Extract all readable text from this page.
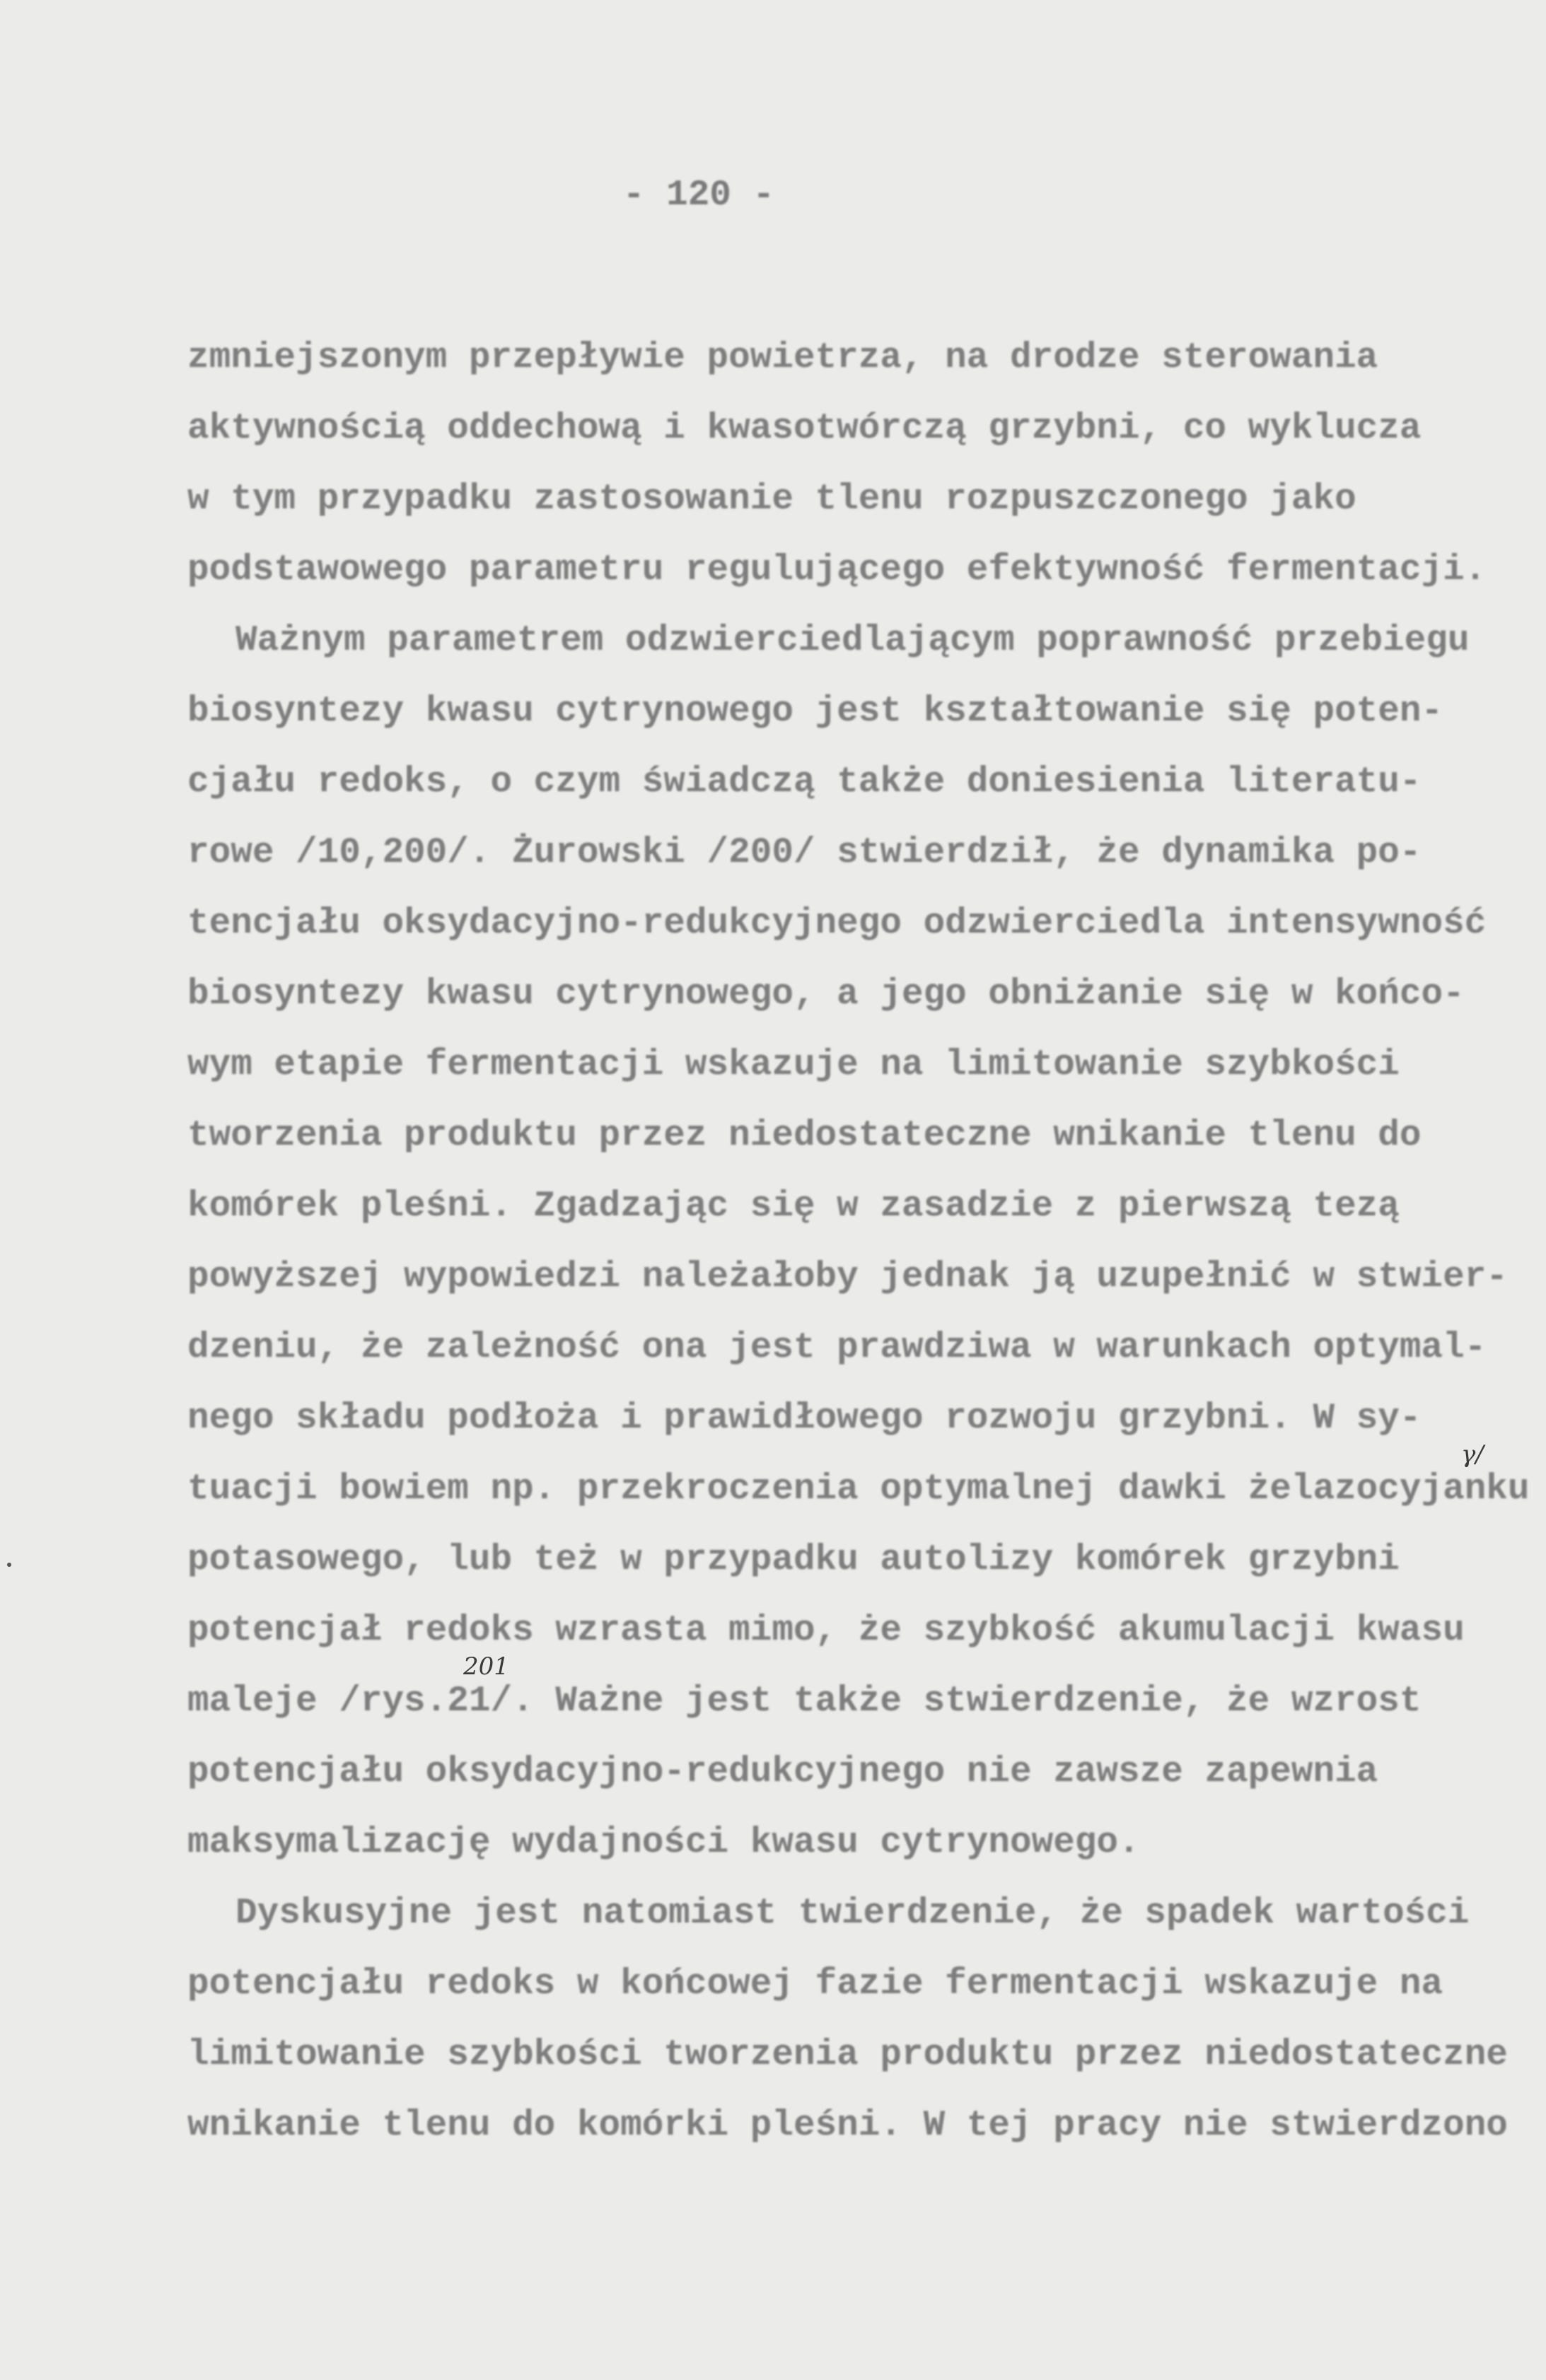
- 120 -
zmniejszonym przepływie powietrza, na drodze sterowania
aktywnością oddechową i kwasotwórczą grzybni, co wyklucza
w tym przypadku zastosowanie tlenu rozpuszczonego jako
podstawowego parametru regulującego efektywność fermentacji.
Ważnym parametrem odzwierciedlającym poprawność przebiegu
biosyntezy kwasu cytrynowego jest kształtowanie się poten-
cjału redoks, o czym świadczą także doniesienia literatu-
rowe /10,200/. Żurowski /200/ stwierdził, że dynamika po-
tencjału oksydacyjno-redukcyjnego odzwierciedla intensywność
biosyntezy kwasu cytrynowego, a jego obniżanie się w końco-
wym etapie fermentacji wskazuje na limitowanie szybkości
tworzenia produktu przez niedostateczne wnikanie tlenu do
komórek pleśni. Zgadzając się w zasadzie z pierwszą tezą
powyższej wypowiedzi należałoby jednak ją uzupełnić w stwier-
dzeniu, że zależność ona jest prawdziwa w warunkach optymal-
nego składu podłoża i prawidłowego rozwoju grzybni. W sy-
tuacji bowiem np. przekroczenia optymalnej dawki żelazocyjanku
potasowego, lub też w przypadku autolizy komórek grzybni
potencjał redoks wzrasta mimo, że szybkość akumulacji kwasu
maleje /rys.21/. Ważne jest także stwierdzenie, że wzrost
potencjału oksydacyjno-redukcyjnego nie zawsze zapewnia
maksymalizację wydajności kwasu cytrynowego.
Dyskusyjne jest natomiast twierdzenie, że spadek wartości
potencjału redoks w końcowej fazie fermentacji wskazuje na
limitowanie szybkości tworzenia produktu przez niedostateczne
wnikanie tlenu do komórki pleśni. W tej pracy nie stwierdzono
201
γ/
